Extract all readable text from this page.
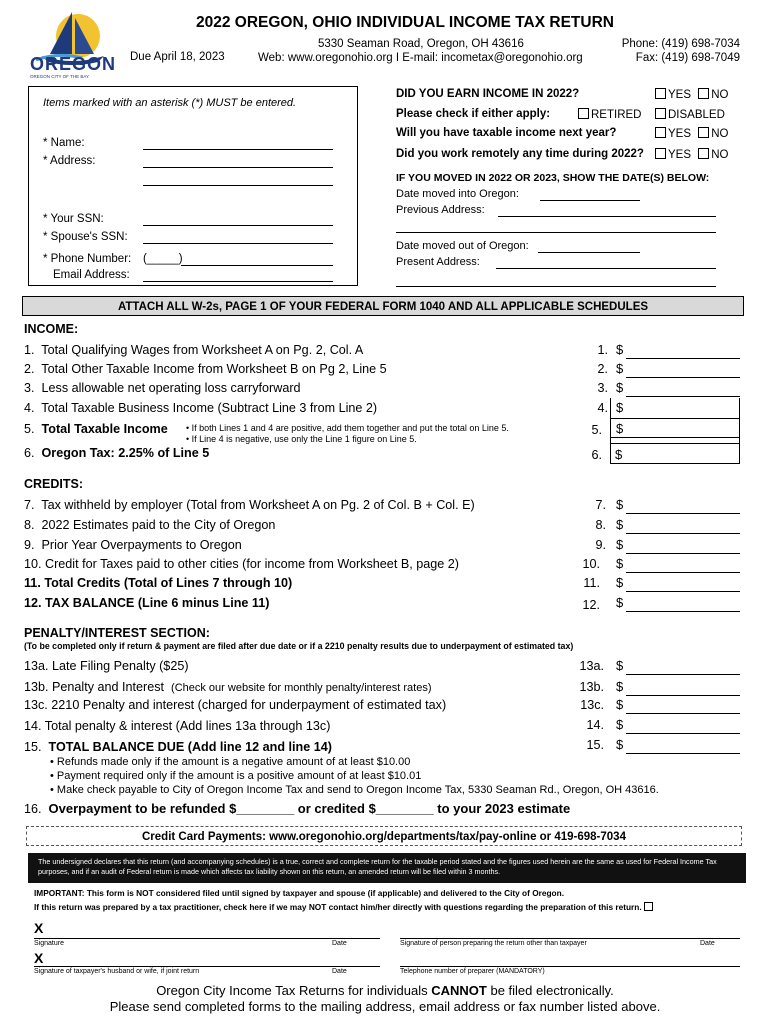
OREGON
OREGON CITY OF THE BAY
2022 OREGON, OHIO INDIVIDUAL INCOME TAX RETURN
Due April 18, 2023
5330 Seaman Road, Oregon, OH 43616
Web: www.oregonohio.org I E-mail: incometax@oregonohio.org
Phone: (419) 698-7034
Fax: (419) 698-7049
Items marked with an asterisk (*) MUST be entered.
* Name:
* Address:
* Your SSN:
* Spouse's SSN:
* Phone Number: (_____)
Email Address:
DID YOU EARN INCOME IN 2022?	YES NO
Please check if either apply:	RETIRED	DISABLED
Will you have taxable income next year?	YES NO
Did you work remotely any time during 2022?	YES NO
IF YOU MOVED IN 2022 OR 2023, SHOW THE DATE(S) BELOW:
Date moved into Oregon:
Previous Address:
Date moved out of Oregon:
Present Address:
ATTACH ALL W-2s, PAGE 1 OF YOUR FEDERAL FORM 1040 AND ALL APPLICABLE SCHEDULES
INCOME:
1. Total Qualifying Wages from Worksheet A on Pg. 2, Col. A	1. $
2. Total Other Taxable Income from Worksheet B on Pg 2, Line 5	2. $
3. Less allowable net operating loss carryforward	3. $
4. Total Taxable Business Income (Subtract Line 3 from Line 2)	4. $
5. Total Taxable Income • If both Lines 1 and 4 are positive, add them together and put the total on Line 5.
• If Line 4 is negative, use only the Line 1 figure on Line 5.
5. $
6. Oregon Tax: 2.25% of Line 5	6. $
CREDITS:
7. Tax withheld by employer (Total from Worksheet A on Pg. 2 of Col. B + Col. E)	7. $
8. 2022 Estimates paid to the City of Oregon	8. $
9. Prior Year Overpayments to Oregon	9. $
10. Credit for Taxes paid to other cities (for income from Worksheet B, page 2)	10. $
11. Total Credits (Total of Lines 7 through 10)	11. $
12. TAX BALANCE (Line 6 minus Line 11)	12. $
PENALTY/INTEREST SECTION:
(To be completed only if return & payment are filed after due date or if a 2210 penalty results due to underpayment of estimated tax)
13a. Late Filing Penalty ($25)	13a. $
13b. Penalty and Interest (Check our website for monthly penalty/interest rates)	13b. $
13c. 2210 Penalty and interest (charged for underpayment of estimated tax)	13c. $
14. Total penalty & interest (Add lines 13a through 13c)	14. $
15. TOTAL BALANCE DUE (Add line 12 and line 14)	15. $
• Refunds made only if the amount is a negative amount of at least $10.00
• Payment required only if the amount is a positive amount of at least $10.01
• Make check payable to City of Oregon Income Tax and send to Oregon Income Tax, 5330 Seaman Rd., Oregon, OH 43616.
16. Overpayment to be refunded $________ or credited $________ to your 2023 estimate
Credit Card Payments: www.oregonohio.org/departments/tax/pay-online or 419-698-7034
The undersigned declares that this return (and accompanying schedules) is a true, correct and complete return for the taxable period stated and the figures used herein are the same as used for Federal Income Tax purposes, and if an audit of Federal return is made which affects tax liability shown on this return, an amended return will be filed within 3 months.
IMPORTANT: This form is NOT considered filed until signed by taxpayer and spouse (if applicable) and delivered to the City of Oregon.
If this return was prepared by a tax practitioner, check here if we may NOT contact him/her directly with questions regarding the preparation of this return.
X
Signature	Date	Signature of person preparing the return other than taxpayer	Date
X
Signature of taxpayer's husband or wife, if joint return	Date	Telephone number of preparer (MANDATORY)
Oregon City Income Tax Returns for individuals CANNOT be filed electronically.
Please send completed forms to the mailing address, email address or fax number listed above.
